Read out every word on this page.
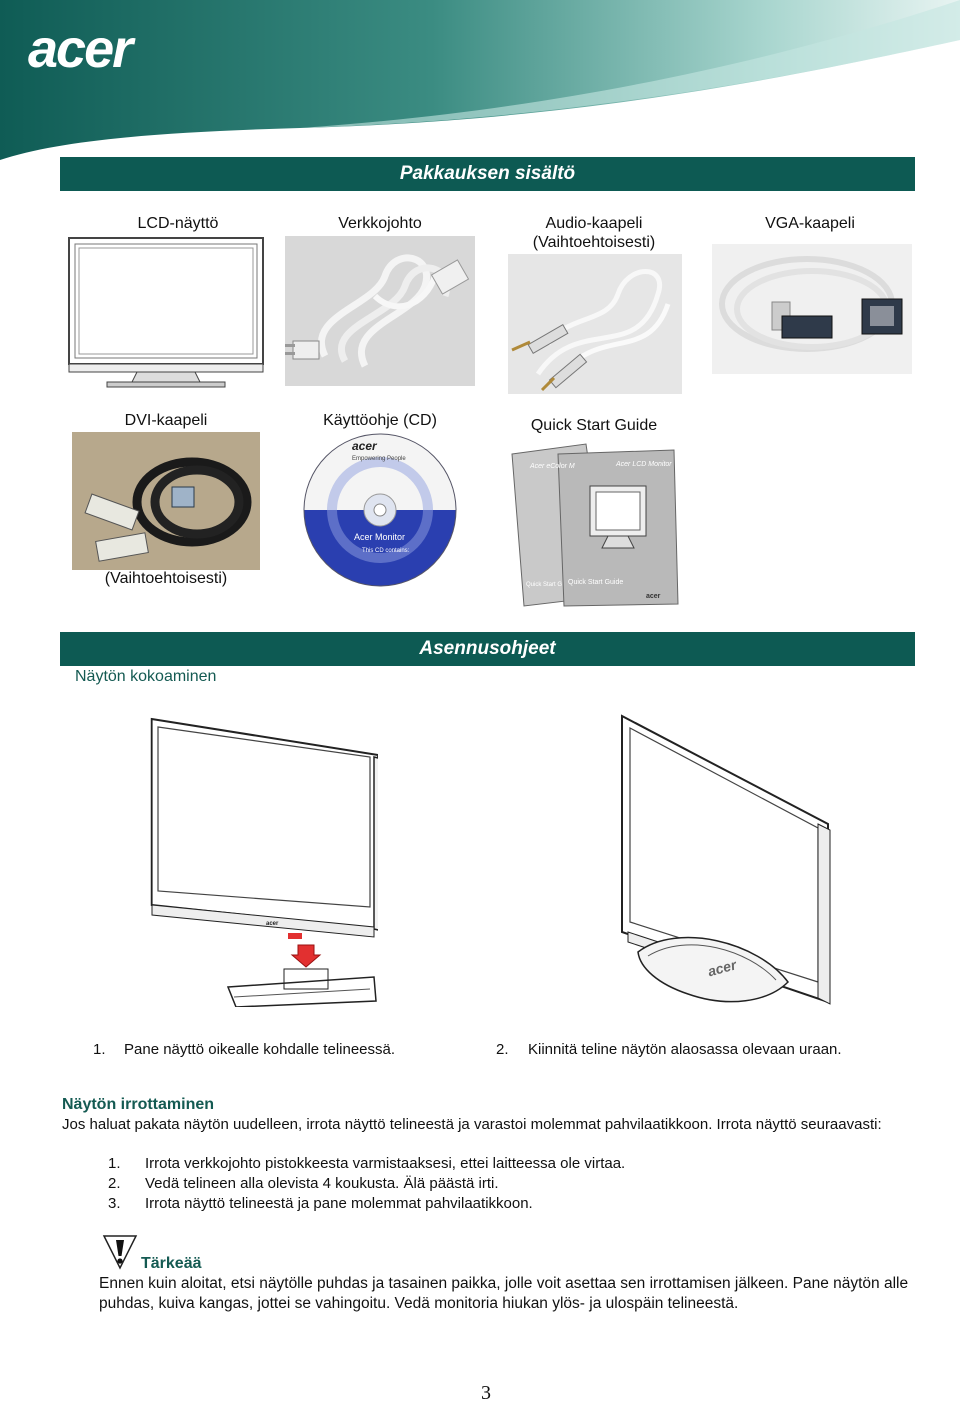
acer
Pakkauksen sisältö
LCD-näyttö	Verkkojohto	Audio-kaapeli
(Vaihtoehtoisesti)
VGA-kaapeli
DVI-kaapeli	Käyttöohje (CD)	Quick Start Guide
(Vaihtoehtoisesti)
acer
Empowering People
Acer Monitor
This CD contains:
Acer eColor M	Acer LCD Monitor
Quick Start G Quick Start Guide
acer
Asennusohjeet
Näytön kokoaminen
acer
acer
1. Pane näyttö oikealle kohdalle telineessä.	2. Kiinnitä teline näytön alaosassa olevaan uraan.
Näytön irrottaminen
Jos haluat pakata näytön uudelleen, irrota näyttö telineestä ja varastoi molemmat pahvilaatikkoon. Irrota näyttö seuraavasti:
1. Irrota verkkojohto pistokkeesta varmistaaksesi, ettei laitteessa ole virtaa.
2. Vedä telineen alla olevista 4 koukusta. Älä päästä irti.
3. Irrota näyttö telineestä ja pane molemmat pahvilaatikkoon.
Tärkeää
Ennen kuin aloitat, etsi näytölle puhdas ja tasainen paikka, jolle voit asettaa sen irrottamisen jälkeen. Pane näytön alle puhdas, kuiva kangas, jottei se vahingoitu. Vedä monitoria hiukan ylös- ja ulospäin telineestä.
3
